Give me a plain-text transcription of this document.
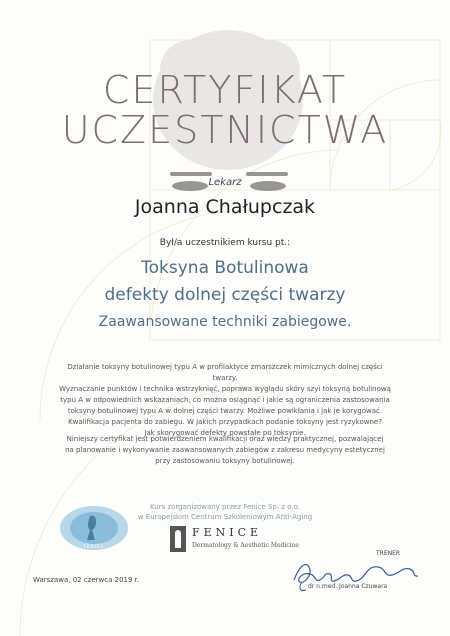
CERTYFIKAT
UCZESTNICTWA
Lekarz
Joanna Chałupczak
Był/a uczestnikiem kursu pt.:
Toksyna Botulinowa
defekty dolnej części twarzy
Zaawansowane techniki zabiegowe.
Działanie toksyny botulinowej typu A w profilaktyce zmarszczek mimicznych dolnej części twarzy.
Wyznaczanie punktów i technika wstrzyknięć, poprawa wyglądu skóry szyi toksyną botulinową
typu A w odpowiednich wskazaniach, co można osiągnąć i jakie są ograniczenia zastosowania
toksyny botulinowej typu A w dolnej części twarzy. Możliwe powikłania i jak je korygować.
Kwalifikacja pacjenta do zabiegu. W jakich przypadkach podanie toksyny jest ryzykowne?
Jak skorygować defekty powstałe po toksynie.
Niniejszy certyfikat jest potwierdzeniem kwalifikacji oraz wiedzy praktycznej, pozwalającej
na planowanie i wykonywanie zaawansowanych zabiegów z zakresu medycyny estetycznej
przy zastosowaniu toksyny botulinowej.
Kurs zorganizowany przez Fenice Sp. z o.o.
w Europejskim Centrum Szkoleniowym Anti-Aging
FENICE
FENICE
Dermatology & Aesthetic Medicine
Warszawa, 02 czerwca 2019 r.
TRENER
dr n.med. Joanna Czuwara
